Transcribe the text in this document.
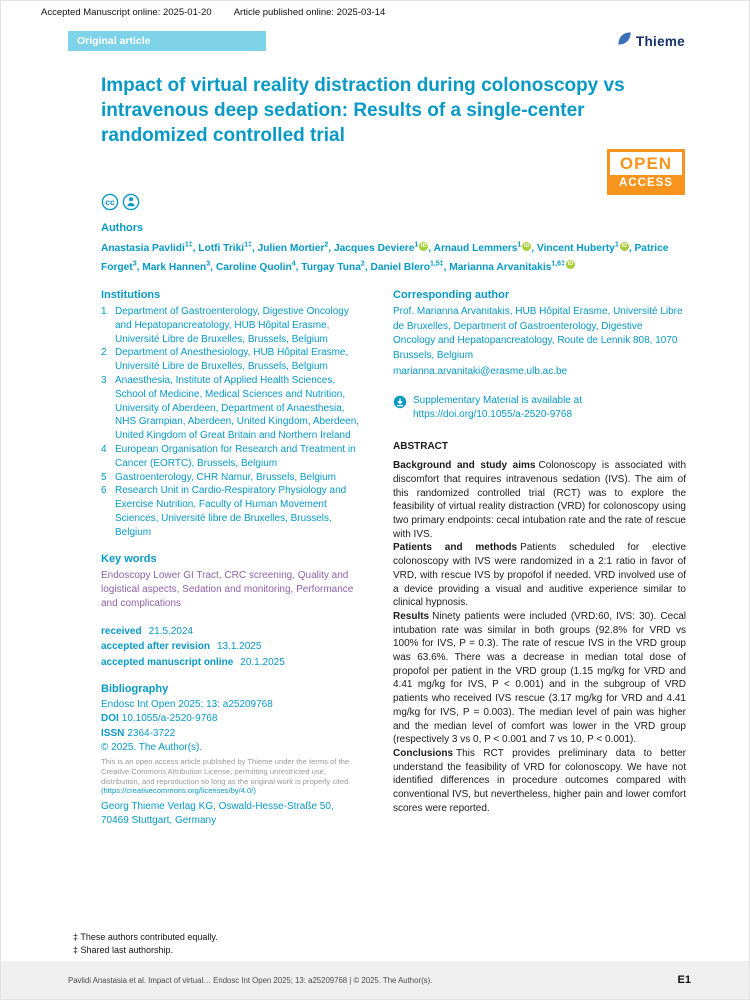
Accepted Manuscript online: 2025-01-20 Article published online: 2025-03-14
Original article	Thieme
Impact of virtual reality distraction during colonoscopy vs intravenous deep sedation: Results of a single-center randomized controlled trial
OPEN
ACCESS
cc

Authors

Anastasia Pavlidi$^{1\ddagger}$, Lotfi Triki$^{1\ddagger}$, Julien Mortier$^2$, Jacques Deviere$^1$ iD , Arnaud Lemmers$^1$ iD , Vincent Huberty$^1$ iD , Patrice Forget$^3$, Mark Hannen$^3$, Caroline Quolin$^4$, Turgay Tuna$^2$, Daniel Blero$^{1,5\ddagger}$, Marianna Arvanitakis$^{1,6\ddagger}$ iD

Institutions

1 Department of Gastroenterology, Digestive Oncology and Hepatopancreatology, HUB Hôpital Erasme, Université Libre de Bruxelles, Brussels, Belgium
2 Department of Anesthesiology, HUB Hôpital Erasme, Université Libre de Bruxelles, Brussels, Belgium
3 Anaesthesia, Institute of Applied Health Sciences, School of Medicine, Medical Sciences and Nutrition, University of Aberdeen, Department of Anaesthesia, NHS Grampian, Aberdeen, United Kingdom, Aberdeen, United Kingdom of Great Britain and Northern Ireland
4 European Organisation for Research and Treatment in Cancer (EORTC), Brussels, Belgium
5 Gastroenterology, CHR Namur, Brussels, Belgium
6 Research Unit in Cardio-Respiratory Physiology and Exercise Nutrition, Faculty of Human Movement Sciences, Université libre de Bruxelles, Brussels, Belgium

Key words

Endoscopy Lower GI Tract, CRC screening, Quality and logistical aspects, Sedation and monitoring, Performance and complications
received 21.5.2024
accepted after revision 13.1.2025
accepted manuscript online 20.1.2025

Bibliography

Endosc Int Open 2025; 13: a25209768
DOI 10.1055/a-2520-9768
ISSN 2364-3722
© 2025. The Author(s).
This is an open access article published by Thieme under the terms of the Creative Commons Attribution License, permitting unrestricted use, distribution, and reproduction so long as the original work is properly cited. (https://creativecommons.org/licenses/by/4.0/)
Georg Thieme Verlag KG, Oswald-Hesse-Straße 50, 70469 Stuttgart, Germany

Corresponding author

Prof. Marianna Arvanitakis, HUB Hôpital Erasme, Université Libre de Bruxelles, Department of Gastroenterology, Digestive Oncology and Hepatopancreatology, Route de Lennik 808, 1070 Brussels, Belgium
marianna.arvanitaki@erasme.ulb.ac.be
Supplementary Material is available at
https://doi.org/10.1055/a-2520-9768

ABSTRACT

Background and study aims Colonoscopy is associated with discomfort that requires intravenous sedation (IVS). The aim of this randomized controlled trial (RCT) was to explore the feasibility of virtual reality distraction (VRD) for colonoscopy using two primary endpoints: cecal intubation rate and the rate of rescue with IVS.

Patients and methods Patients scheduled for elective colonoscopy with IVS were randomized in a 2:1 ratio in favor of VRD, with rescue IVS by propofol if needed. VRD involved use of a device providing a visual and auditive experience similar to clinical hypnosis.

Results Ninety patients were included (VRD:60, IVS: 30). Cecal intubation rate was similar in both groups (92.8% for VRD vs 100% for IVS, P = 0.3). The rate of rescue IVS in the VRD group was 63.6%. There was a decrease in median total dose of propofol per patient in the VRD group (1.15 mg/kg for VRD and 4.41 mg/kg for IVS, P < 0.001) and in the subgroup of VRD patients who received IVS rescue (3.17 mg/kg for VRD and 4.41 mg/kg for IVS, P = 0.003). The median level of pain was higher and the median level of comfort was lower in the VRD group (respectively 3 vs 0, P < 0.001 and 7 vs 10, P < 0.001).

Conclusions This RCT provides preliminary data to better understand the feasibility of VRD for colonoscopy. We have not identified differences in procedure outcomes compared with conventional IVS, but nevertheless, higher pain and lower comfort scores were reported.

‡ These authors contributed equally.
‡ Shared last authorship.
Pavlidi Anastasia et al. Impact of virtual… Endosc Int Open 2025; 13: a25209768 | © 2025. The Author(s).	E1
